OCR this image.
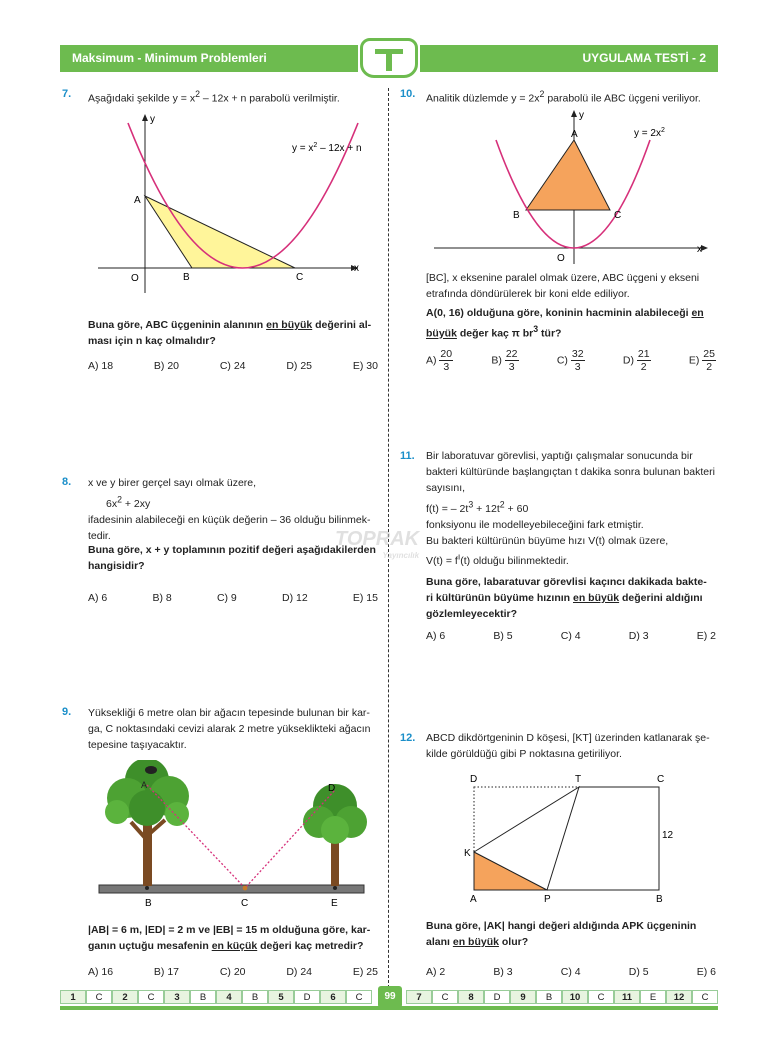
Maksimum - Minimum Problemleri	UYGULAMA TESTİ - 2
7. Aşağıdaki şekilde $y = x^2 - 12x + n$ parabolü verilmiştir.
y
x
A
O	B	C
$y = x^2 - 12x + n$
Buna göre, ABC üçgeninin alanının en büyük değerini al-
ması için n kaç olmalıdır?
A) 18	B) 20	C) 24	D) 25	E) 30
8. x ve y birer gerçel sayı olmak üzere,
$6x^2 + 2xy$
ifadesinin alabileceği en küçük değerin – 36 olduğu bilinmek-
tedir.
Buna göre, x + y toplamının pozitif değeri aşağıdakilerden
hangisidir?
A) 6	B) 8	C) 9	D) 12	E) 15
TOPRAK
Yayıncılık
9. Yüksekliği 6 metre olan bir ağacın tepesinde bulunan bir kar-
ga, C noktasındaki cevizi alarak 2 metre yükseklikteki ağacın
tepesine taşıyacaktır.
A
B	C
D
E
|AB| = 6 m, |ED| = 2 m ve |EB| = 15 m olduğuna göre, kar-
ganın uçtuğu mesafenin en küçük değeri kaç metredir?
A) 16	B) 17	C) 20	D) 24	E) 25
10. Analitik düzlemde $y = 2x^2$ parabolü ile ABC üçgeni veriliyor.
y
x
A
B	C
O
$y = 2x^2$
[BC], x eksenine paralel olmak üzere, ABC üçgeni y ekseni
etrafında döndürülerek bir koni elde ediliyor.
A(0, 16) olduğuna göre, koninin hacminin alabileceği en
büyük değer kaç π $br^3$ tür?
$A) \frac{20}{3}$	$B) \frac{22}{3}$	$C) \frac{32}{3}$	$D) \frac{21}{2}$	$E) \frac{25}{2}$
11. Bir laboratuvar görevlisi, yaptığı çalışmalar sonucunda bir
bakteri kültüründe başlangıçtan t dakika sonra bulunan bakteri
sayısını,
f(t) = – $2t^3 + 12t^2 + 60$
fonksiyonu ile modelleyebileceğini fark etmiştir.
Bu bakteri kültürünün büyüme hızı V(t) olmak üzere,
$V(t) = f^ı(t)$ olduğu bilinmektedir.
Buna göre, labaratuvar görevlisi kaçıncı dakikada bakte-
ri kültürünün büyüme hızının en büyük değerini aldığını
gözlemleyecektir?
A) 6	B) 5	C) 4	D) 3	E) 2
12. ABCD dikdörtgeninin D köşesi, [KT] üzerinden katlanarak şe-
kilde görüldüğü gibi P noktasına getiriliyor.
D	T	C
K
A	P	B
12
Buna göre, |AK| hangi değeri aldığında APK üçgeninin
alanı en büyük olur?
A) 2	B) 3	C) 4	D) 5	E) 6
1	C	2	C	3	B	4	B	5	D	6	C	7	C	8	D	9	B	10	C	11	E	12	C
99
